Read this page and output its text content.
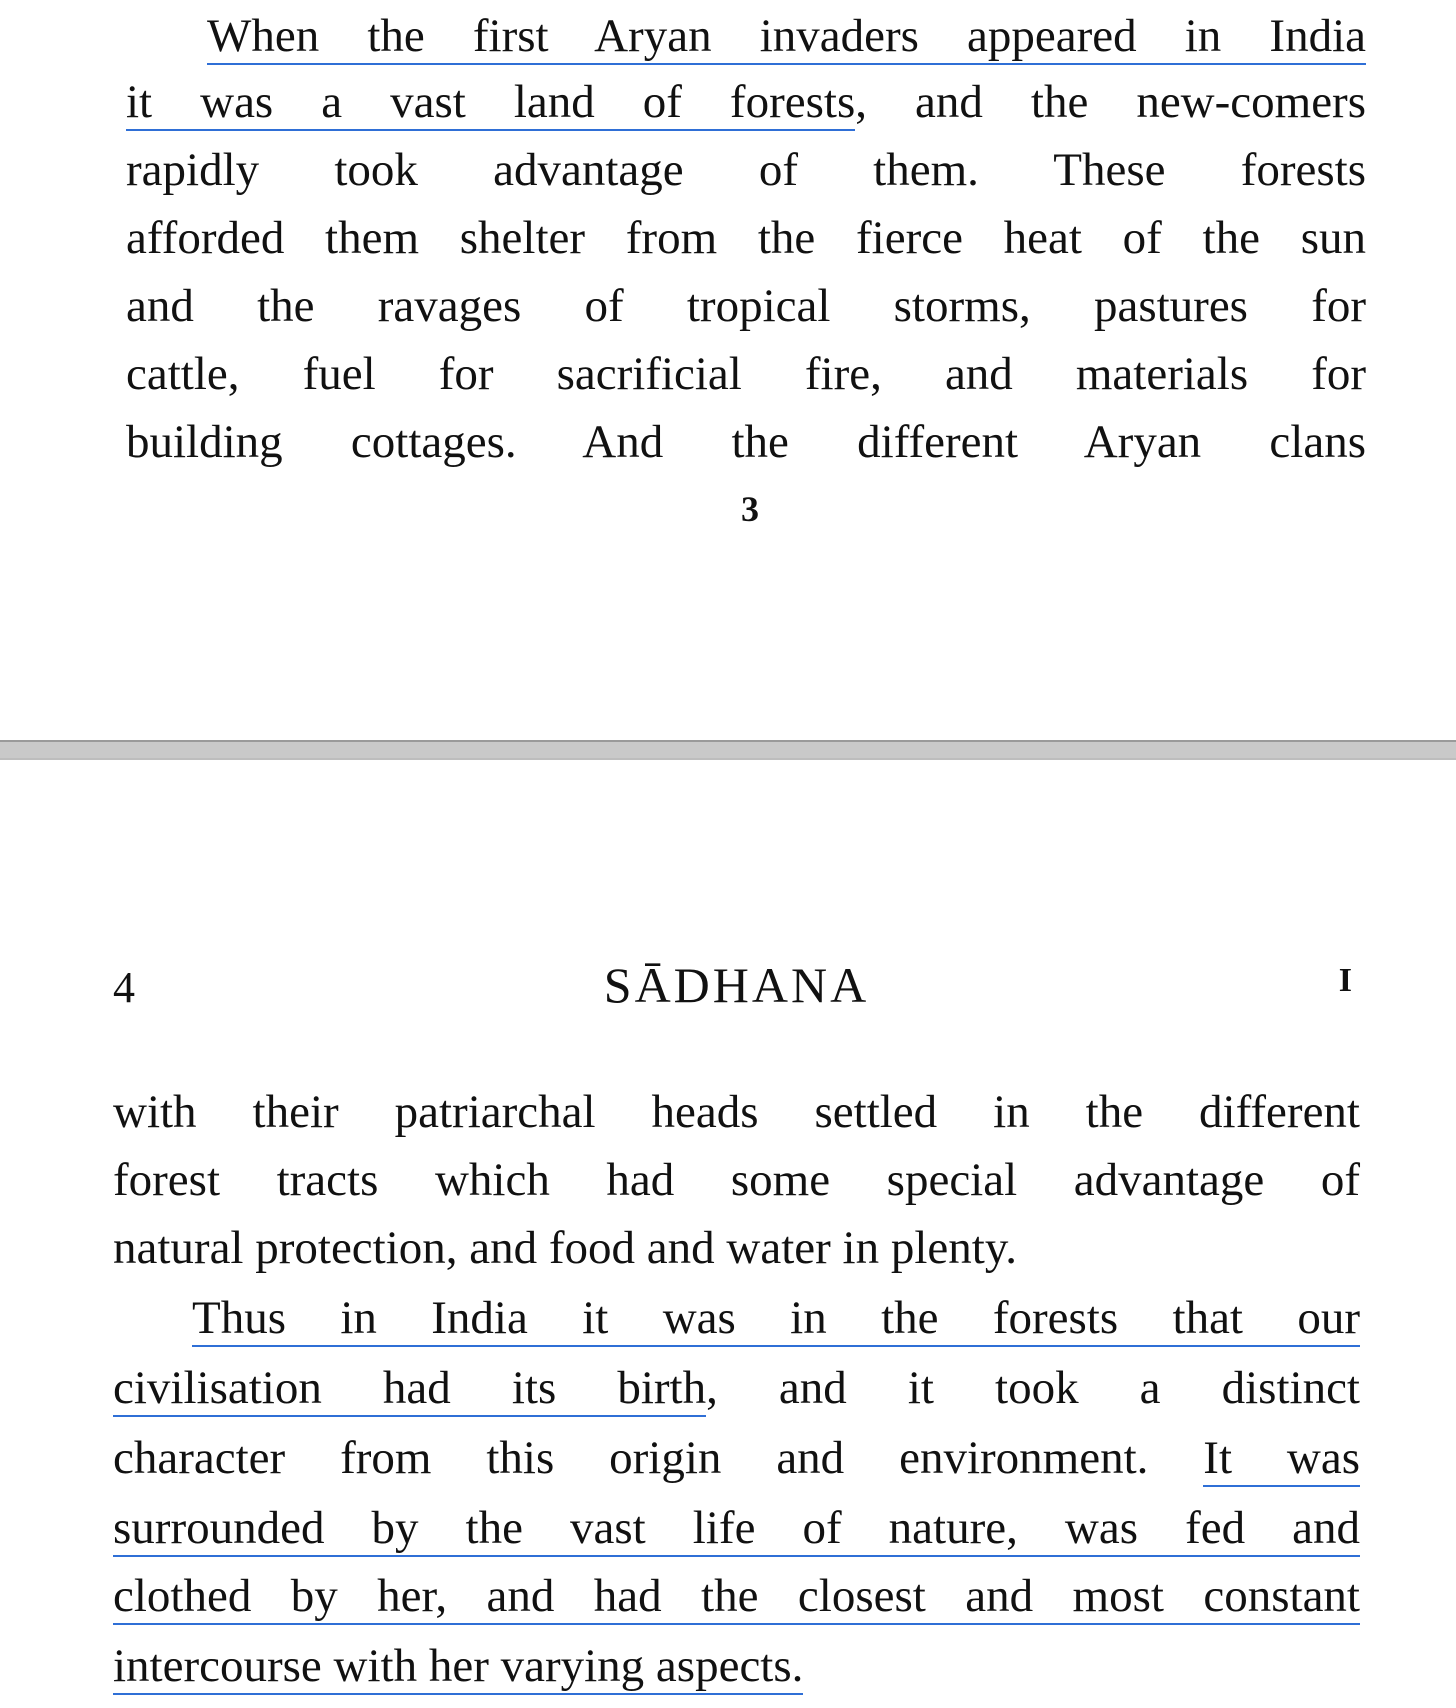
When the first Aryan invaders appeared in India
it was a vast land of forests, and the new-comers
rapidly took advantage of them. These forests
afforded them shelter from the fierce heat of the sun
and the ravages of tropical storms, pastures for
cattle, fuel for sacrificial fire, and materials for
building cottages. And the different Aryan clans
3
4	SĀDHANA	I
with their patriarchal heads settled in the different
forest tracts which had some special advantage of
natural protection, and food and water in plenty.
Thus in India it was in the forests that our
civilisation had its birth, and it took a distinct
character from this origin and environment. It was
surrounded by the vast life of nature, was fed and
clothed by her, and had the closest and most constant
intercourse with her varying aspects.
